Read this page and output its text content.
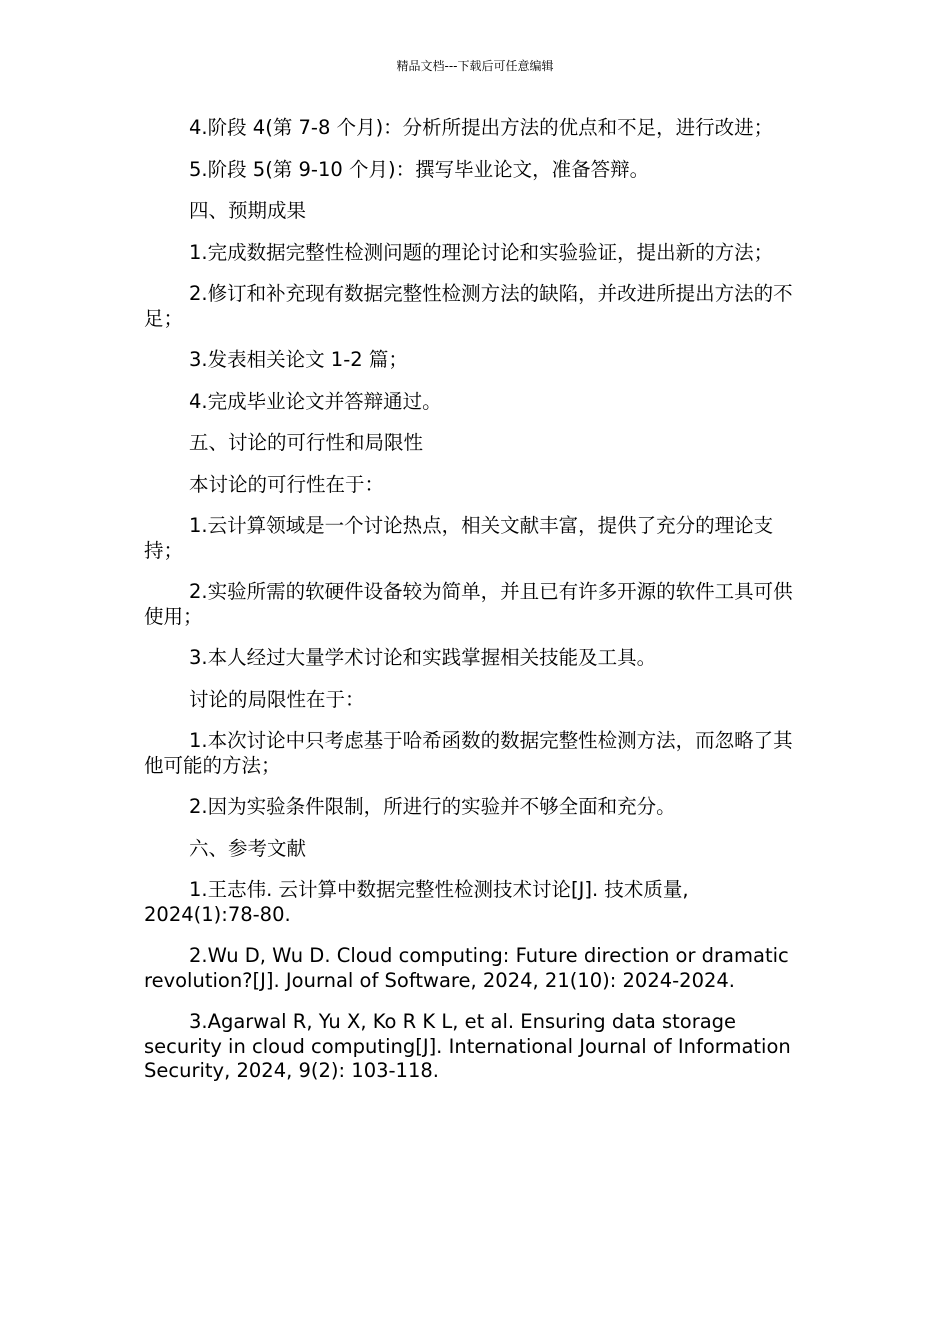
精品文档---下载后可任意编辑

4.阶段 4(第 7-8 个月)：分析所提出方法的优点和不足，进行改进；

5.阶段 5(第 9-10 个月)：撰写毕业论文，准备答辩。

四、预期成果

1.完成数据完整性检测问题的理论讨论和实验验证，提出新的方法；

2.修订和补充现有数据完整性检测方法的缺陷，并改进所提出方法的不足；

3.发表相关论文 1-2 篇；

4.完成毕业论文并答辩通过。

五、讨论的可行性和局限性

本讨论的可行性在于：

1.云计算领域是一个讨论热点，相关文献丰富，提供了充分的理论支持；

2.实验所需的软硬件设备较为简单，并且已有许多开源的软件工具可供使用；

3.本人经过大量学术讨论和实践掌握相关技能及工具。

讨论的局限性在于：

1.本次讨论中只考虑基于哈希函数的数据完整性检测方法，而忽略了其他可能的方法；

2.因为实验条件限制，所进行的实验并不够全面和充分。

六、参考文献

1.王志伟. 云计算中数据完整性检测技术讨论[J]. 技术质量, 2024(1):78-80.

2.Wu D, Wu D. Cloud computing: Future direction or dramatic revolution?[J]. Journal of Software, 2024, 21(10): 2024-2024.

3.Agarwal R, Yu X, Ko R K L, et al. Ensuring data storage security in cloud computing[J]. International Journal of Information Security, 2024, 9(2): 103-118.
